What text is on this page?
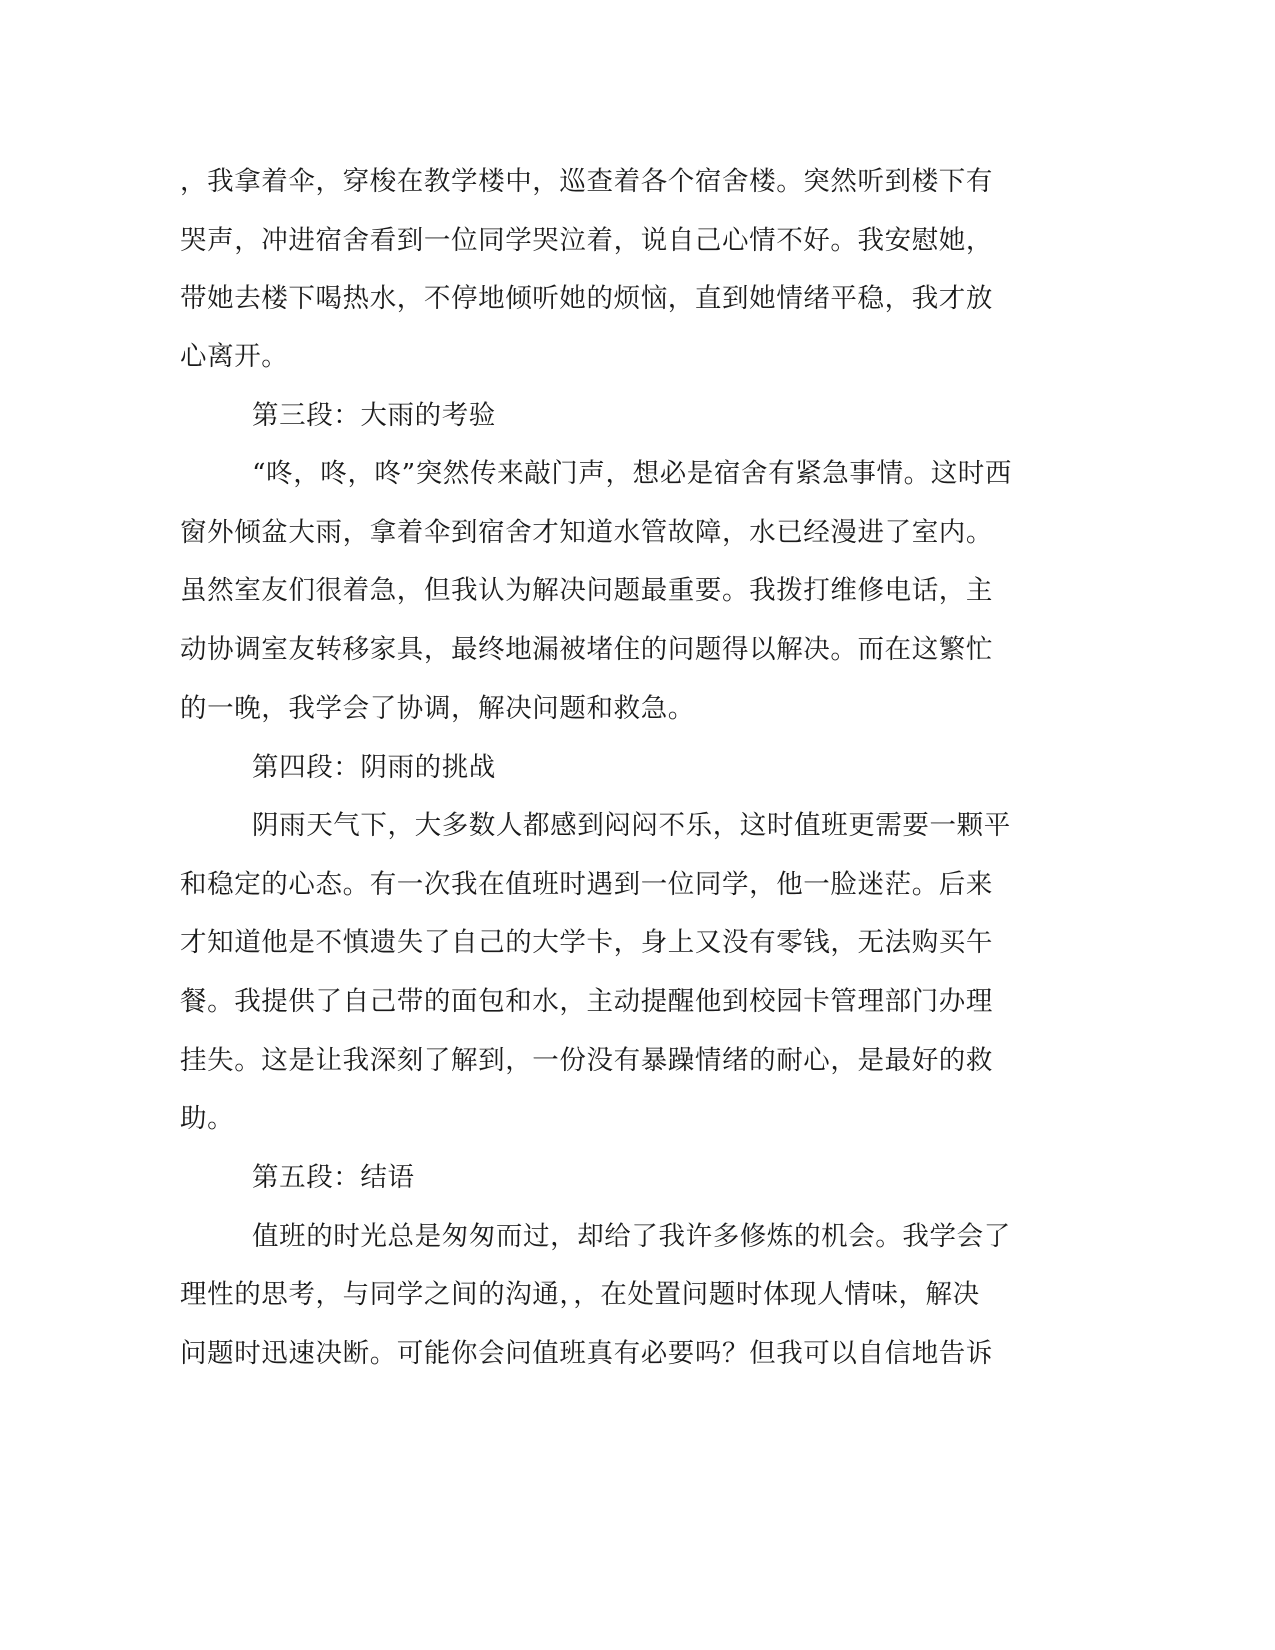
，我拿着伞，穿梭在教学楼中，巡查着各个宿舍楼。突然听到楼下有
哭声，冲进宿舍看到一位同学哭泣着，说自己心情不好。我安慰她，
带她去楼下喝热水，不停地倾听她的烦恼，直到她情绪平稳，我才放
心离开。
第三段：大雨的考验
“咚，咚，咚”突然传来敲门声，想必是宿舍有紧急事情。这时西
窗外倾盆大雨，拿着伞到宿舍才知道水管故障，水已经漫进了室内。
虽然室友们很着急，但我认为解决问题最重要。我拨打维修电话，主
动协调室友转移家具，最终地漏被堵住的问题得以解决。而在这繁忙
的一晚，我学会了协调，解决问题和救急。
第四段：阴雨的挑战
阴雨天气下，大多数人都感到闷闷不乐，这时值班更需要一颗平
和稳定的心态。有一次我在值班时遇到一位同学，他一脸迷茫。后来
才知道他是不慎遗失了自己的大学卡，身上又没有零钱，无法购买午
餐。我提供了自己带的面包和水，主动提醒他到校园卡管理部门办理
挂失。这是让我深刻了解到，一份没有暴躁情绪的耐心，是最好的救
助。
第五段：结语
值班的时光总是匆匆而过，却给了我许多修炼的机会。我学会了
理性的思考，与同学之间的沟通，，在处置问题时体现人情味，解决
问题时迅速决断。可能你会问值班真有必要吗？但我可以自信地告诉
